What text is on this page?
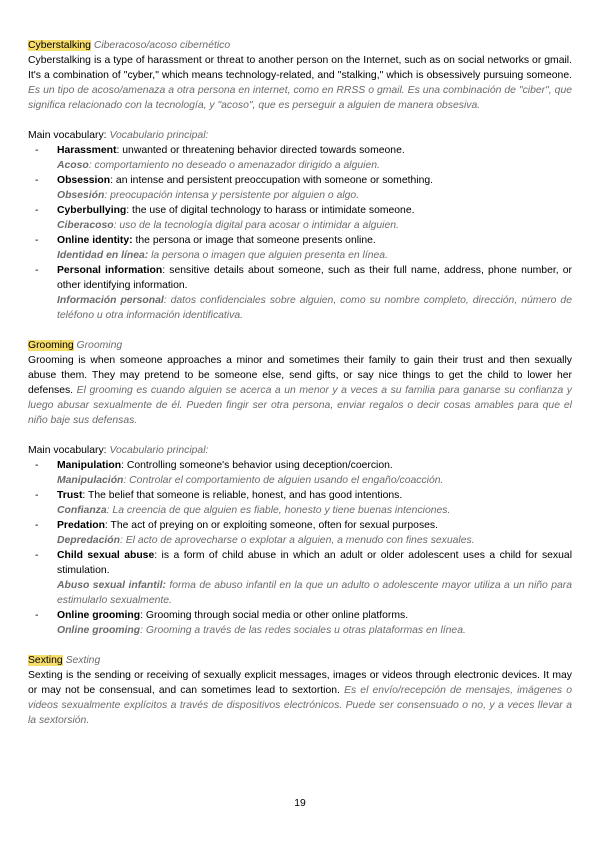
Cyberstalking Ciberacoso/acoso cibernético

Cyberstalking is a type of harassment or threat to another person on the Internet, such as on social networks or gmail. It's a combination of "cyber," which means technology-related, and "stalking," which is obsessively pursuing someone. Es un tipo de acoso/amenaza a otra persona en internet, como en RRSS o gmail. Es una combinación de "ciber", que significa relacionado con la tecnología, y "acoso", que es perseguir a alguien de manera obsesiva.

Main vocabulary: Vocabulario principal:
- Harassment: unwanted or threatening behavior directed towards someone.
Acoso: comportamiento no deseado o amenazador dirigido a alguien.
- Obsession: an intense and persistent preoccupation with someone or something.
Obsesión: preocupación intensa y persistente por alguien o algo.
- Cyberbullying: the use of digital technology to harass or intimidate someone.
Ciberacoso: uso de la tecnología digital para acosar o intimidar a alguien.
- Online identity: the persona or image that someone presents online.
Identidad en línea: la persona o imagen que alguien presenta en línea.
- Personal information: sensitive details about someone, such as their full name, address, phone number, or other identifying information.
Información personal: datos confidenciales sobre alguien, como su nombre completo, dirección, número de teléfono u otra información identificativa.
Grooming Grooming

Grooming is when someone approaches a minor and sometimes their family to gain their trust and then sexually abuse them. They may pretend to be someone else, send gifts, or say nice things to get the child to lower her defenses. El grooming es cuando alguien se acerca a un menor y a veces a su familia para ganarse su confianza y luego abusar sexualmente de él. Pueden fingir ser otra persona, enviar regalos o decir cosas amables para que el niño baje sus defensas.

Main vocabulary: Vocabulario principal:
- Manipulation: Controlling someone's behavior using deception/coercion.
Manipulación: Controlar el comportamiento de alguien usando el engaño/coacción.
- Trust: The belief that someone is reliable, honest, and has good intentions.
Confianza: La creencia de que alguien es fiable, honesto y tiene buenas intenciones.
- Predation: The act of preying on or exploiting someone, often for sexual purposes.
Depredación: El acto de aprovecharse o explotar a alguien, a menudo con fines sexuales.
- Child sexual abuse: is a form of child abuse in which an adult or older adolescent uses a child for sexual stimulation.
Abuso sexual infantil: forma de abuso infantil en la que un adulto o adolescente mayor utiliza a un niño para estimularlo sexualmente.
- Online grooming: Grooming through social media or other online platforms.
Online grooming: Grooming a través de las redes sociales u otras plataformas en línea.
Sexting Sexting

Sexting is the sending or receiving of sexually explicit messages, images or videos through electronic devices. It may or may not be consensual, and can sometimes lead to sextortion. Es el envío/recepción de mensajes, imágenes o videos sexualmente explícitos a través de dispositivos electrónicos. Puede ser consensuado o no, y a veces llevar a la sextorsión.

19
